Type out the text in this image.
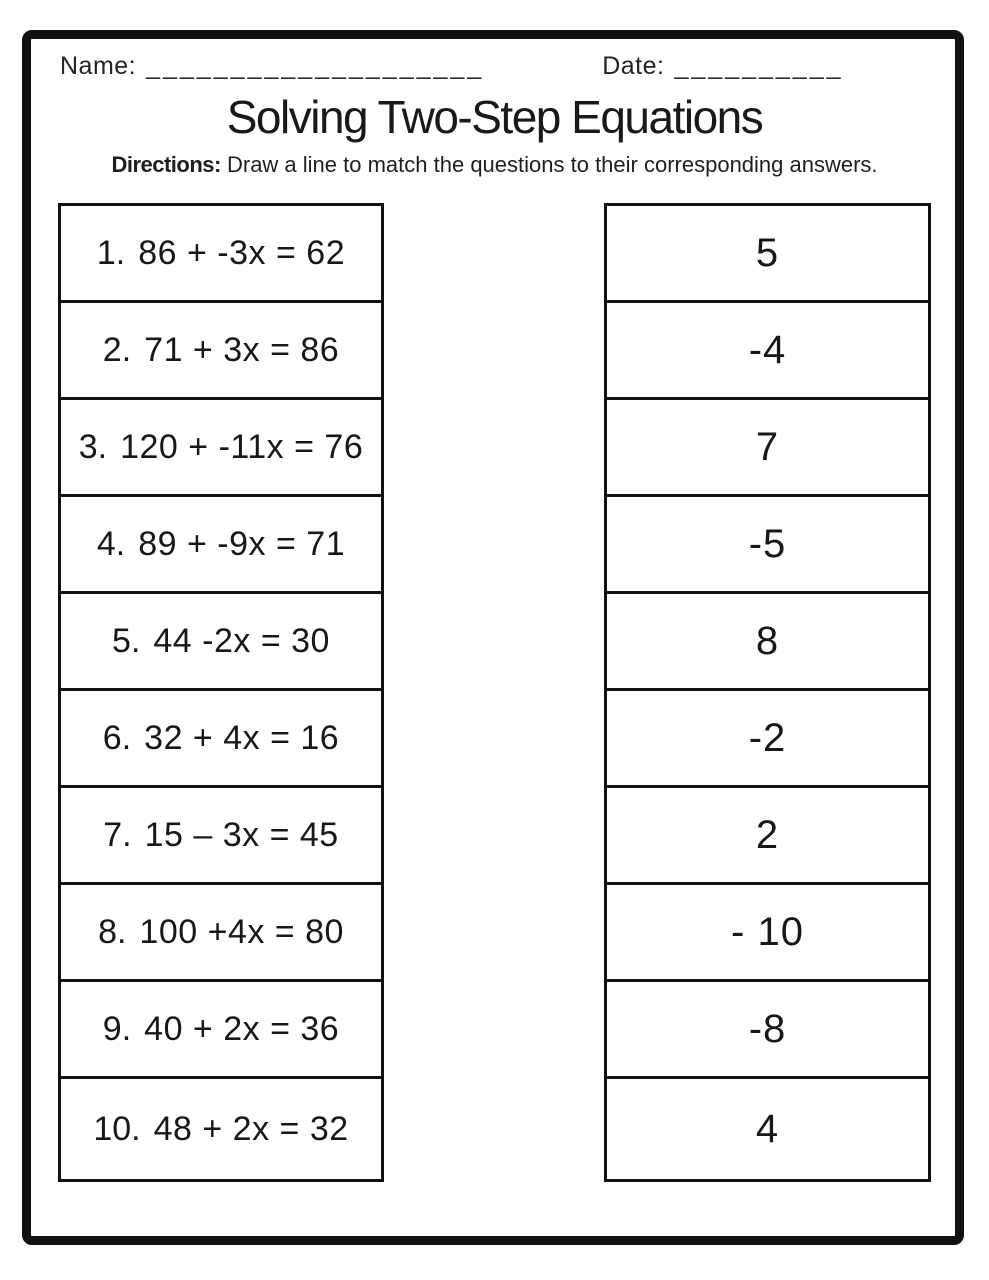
Name: ____________________	Date: __________
Solving Two-Step Equations
Directions: Draw a line to match the questions to their corresponding answers.
1. 86 + -3x = 62
2. 71 + 3x = 86
3. 120 + -11x = 76
4. 89 + -9x = 71
5. 44 -2x = 30
6. 32 + 4x = 16
7. 15 – 3x = 45
8. 100 +4x = 80
9. 40 + 2x = 36
10. 48 + 2x = 32
5
-4
7
-5
8
-2
2
- 10
-8
4
